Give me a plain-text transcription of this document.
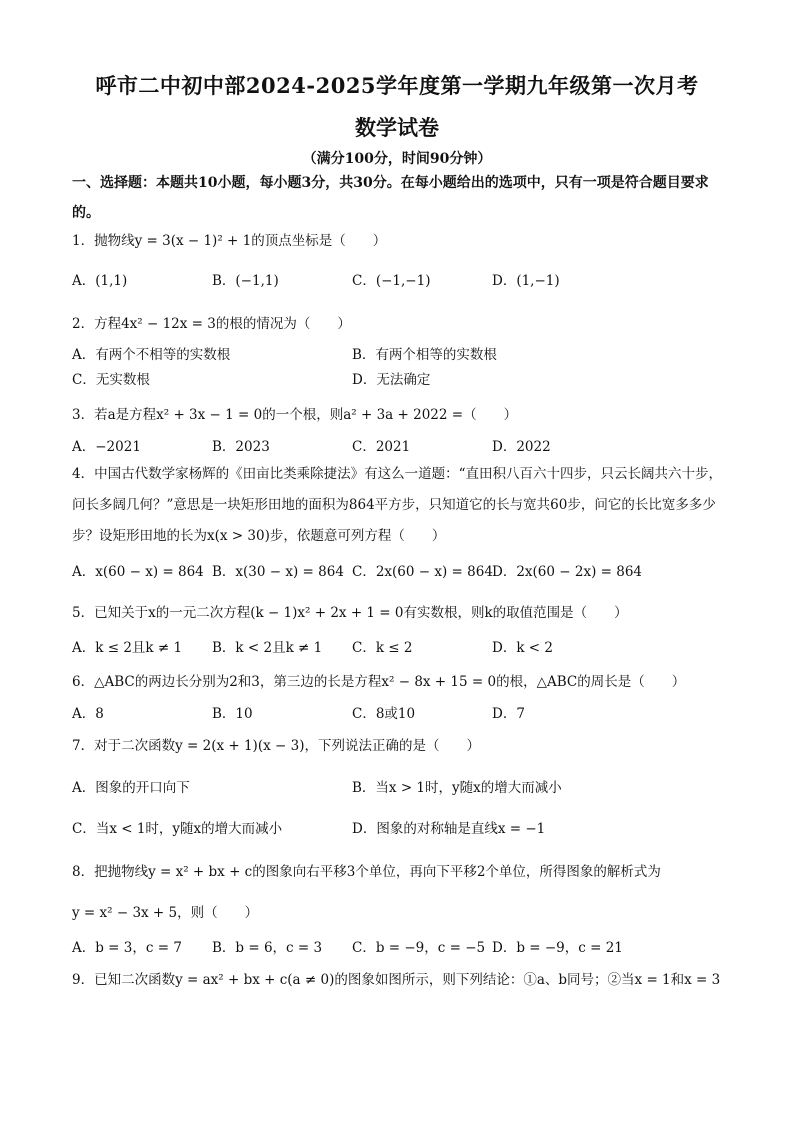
呼市二中初中部2024-2025学年度第一学期九年级第一次月考
数学试卷
（满分100分，时间90分钟）
一、选择题：本题共10小题，每小题3分，共30分。在每小题给出的选项中，只有一项是符合题目要求的。
1．抛物线y = 3(x − 1)² + 1的顶点坐标是（　　）
A．(1,1)	B．(−1,1)	C．(−1,−1)	D．(1,−1)
2．方程4x² − 12x = 3的根的情况为（　　）
A．有两个不相等的实数根	B．有两个相等的实数根
C．无实数根	D．无法确定
3．若a是方程x² + 3x − 1 = 0的一个根，则a² + 3a + 2022 =（　　）
A．−2021	B．2023	C．2021	D．2022
4．中国古代数学家杨辉的《田亩比类乘除捷法》有这么一道题：“直田积八百六十四步，只云长阔共六十步，问长多阔几何？”意思是一块矩形田地的面积为864平方步，只知道它的长与宽共60步，问它的长比宽多多少步？设矩形田地的长为x(x > 30)步，依题意可列方程（　　）
A．x(60 − x) = 864 B．x(30 − x) = 864 C．2x(60 − x) = 864 D．2x(60 − 2x) = 864
5．已知关于x的一元二次方程(k − 1)x² + 2x + 1 = 0有实数根，则k的取值范围是（　　）
A．k ≤ 2且k ≠ 1 B．k < 2且k ≠ 1 C．k ≤ 2	D．k < 2
6．△ABC的两边长分别为2和3，第三边的长是方程x² − 8x + 15 = 0的根，△ABC的周长是（　　）
A．8	B．10	C．8或10	D．7
7．对于二次函数y = 2(x + 1)(x − 3)，下列说法正确的是（　　）
A．图象的开口向下	B．当x > 1时，y随x的增大而减小
C．当x < 1时，y随x的增大而减小	D．图象的对称轴是直线x = −1
8．把抛物线y = x² + bx + c的图象向右平移3个单位，再向下平移2个单位，所得图象的解析式为
y = x² − 3x + 5，则（　　）
A．b = 3，c = 7 B．b = 6，c = 3 C．b = −9，c = −5 D．b = −9，c = 21
9．已知二次函数y = ax² + bx + c(a ≠ 0)的图象如图所示，则下列结论：①a、b同号；②当x = 1和x = 3
